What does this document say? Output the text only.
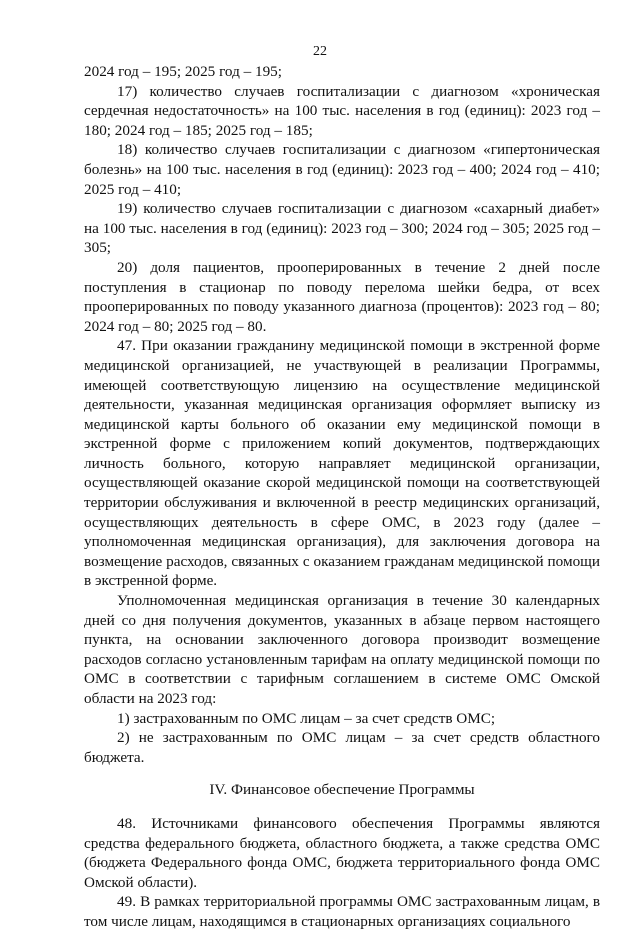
22

2024 год – 195; 2025 год – 195;

17) количество случаев госпитализации с диагнозом «хроническая сердечная недостаточность» на 100 тыс. населения в год (единиц): 2023 год – 180; 2024 год – 185; 2025 год – 185;

18) количество случаев госпитализации с диагнозом «гипертоническая болезнь» на 100 тыс. населения в год (единиц): 2023 год – 400; 2024 год – 410; 2025 год – 410;

19) количество случаев госпитализации с диагнозом «сахарный диабет» на 100 тыс. населения в год (единиц): 2023 год – 300; 2024 год – 305; 2025 год – 305;

20) доля пациентов, прооперированных в течение 2 дней после поступления в стационар по поводу перелома шейки бедра, от всех прооперированных по поводу указанного диагноза (процентов): 2023 год – 80; 2024 год – 80; 2025 год – 80.

47. При оказании гражданину медицинской помощи в экстренной форме медицинской организацией, не участвующей в реализации Программы, имеющей соответствующую лицензию на осуществление медицинской деятельности, указанная медицинская организация оформляет выписку из медицинской карты больного об оказании ему медицинской помощи в экстренной форме с приложением копий документов, подтверждающих личность больного, которую направляет медицинской организации, осуществляющей оказание скорой медицинской помощи на соответствующей территории обслуживания и включенной в реестр медицинских организаций, осуществляющих деятельность в сфере ОМС, в 2023 году (далее – уполномоченная медицинская организация), для заключения договора на возмещение расходов, связанных с оказанием гражданам медицинской помощи в экстренной форме.

Уполномоченная медицинская организация в течение 30 календарных дней со дня получения документов, указанных в абзаце первом настоящего пункта, на основании заключенного договора производит возмещение расходов согласно установленным тарифам на оплату медицинской помощи по ОМС в соответствии с тарифным соглашением в системе ОМС Омской области на 2023 год:

1) застрахованным по ОМС лицам – за счет средств ОМС;

2) не застрахованным по ОМС лицам – за счет средств областного бюджета.

IV. Финансовое обеспечение Программы

48. Источниками финансового обеспечения Программы являются средства федерального бюджета, областного бюджета, а также средства ОМС (бюджета Федерального фонда ОМС, бюджета территориального фонда ОМС Омской области).

49. В рамках территориальной программы ОМС застрахованным лицам, в том числе лицам, находящимся в стационарных организациях социального
